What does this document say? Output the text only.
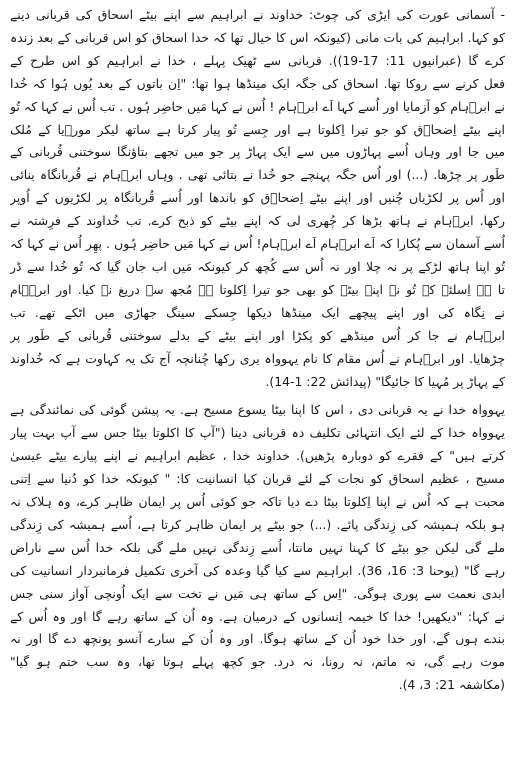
- آسمانی عورت کی ایڑی کی چوٹ: خداوند نے ابراہیم سے اپنے بیٹے اسحاق کی قربانی دینے
کو کہا. ابراہیم کی بات مانی (کیونکہ اس کا خیال تھا کہ خدا اسحاق کو اس قربانی کے بعد زندہ
کرے گا (عبرانیوں 11: 17-19)). قربانی سے ٹھیک پہلے ، خدا نے ابراہیم کو اس طرح کے
فعل کرنے سے روکا تھا. اسحاق کی جگہ ایک مینڈھا ہوا تھا: "اِن باتوں کے بعد یُوں ہُوا کہ خُدا
نے ابرؔہام کو آزمایا اور اُسے کہا اَے ابرؔہام ! اُس نے کہا مَیں حاضِر ہُوں . تب اُس نے کہا کہ تُو
اپنے بیٹے اِضحاؔق کو جو تیرا اِکلوتا ہے اور جِسے تُو پیار کرتا ہے ساتھ لیکر مورؔیا کے مُلک
میں جا اور وہاں اُسے پہاڑوں میں سے ایک پہاڑ پر جو میں تجھے بتاؤنگا سوختنی قُربانی کے
طَور پر چڑھا. (...) اور اُس جگہ پہنچے جو خُدا نے بتائی تھی . وہاں ابرؔہام نے قُربانگاہ بنائی
اور اُس پر لکڑیاں چُنیں اور اپنے بیٹے اِضحاؔق کو باندھا اور اُسے قُربانگاہ پر لکڑیوں کے اُوپر
رکھا. ابرؔہام نے ہاتھ بڑھا کر چُھری لی کہ اپنے بیٹے کو ذبح کرے. تب خُداوند کے فرِشتہ نے
اُسے آسمان سے پُکارا کہ اَے ابرؔہام اَے ابرؔہام! اُس نے کہا مَیں حاضِر ہُوں . پھِر اُس نے کہا کہ
تُو اپنا ہاتھ لڑکے پر نہ چلا اور نہ اُس سے کُچھ کر کیونکہ مَیں اب جان گیا کہ تُو خُدا سے ڈر
تا ہے اِسلئے کہ تُو نے اپنے بیٹے کو بھی جو تیرا اِکلوتا ہے مُجھ سے دریغ نہ کیا. اور ابرؔہام
نے نِگاہ کی اور اپنے پیچھے ایک مینڈھا دیکھا جِسکے سینگ جھاڑی میں اٹکے تھے. تب
ابرؔہام نے جا کر اُس مینڈھے کو پکڑا اور اپنے بیٹے کے بدلے سوختنی قُربانی کے طَور پر
چڑھایا. اور ابرؔہام نے اُس مقام کا نام یہوواہ یری رکھا چُنانچہ آج تک یہ کہاوت ہے کہ خُداوند
کے پہاڑ پر مُہیا کا جائیگا" (پیدائش 22: 1-14).

یہوواہ خدا نے یہ قربانی دی ، اس کا اپنا بیٹا یسوع مسیح ہے. یہ پیشن گوئی کی نمائندگی ہے
یہوواہ خدا کے لئے ایک انتہائی تکلیف دہ قربانی دینا ("آپ کا اکلوتا بیٹا جس سے آپ بہت پیار
کرتے ہیں" کے فقرے کو دوبارہ پڑھیں). خداوند خدا ، عظیم ابراہیم نے اپنے پیارے بیٹے عیسیٰ
مسیح ، عظیم اسحاق کو نجات کے لئے قربان کیا انسانیت کا: " کیونکہ خدا کو دُنیا سے اِتنی
محبت ہے کہ اُس نے اپنا اِکلوتا بیٹا دے دیا تاکہ جو کوئی اُس پر ایمان ظاہر کرے، وہ ہلاک نہ
ہو بلکہ ہمیشہ کی زِندگی پائے. (...) جو بیٹے پر ایمان ظاہر کرتا ہے، اُسے ہمیشہ کی زِندگی
ملے گی لیکن جو بیٹے کا کہنا نہیں مانتا، اُسے زِندگی نہیں ملے گی بلکہ خدا اُس سے ناراض
رہے گا" (یوحنا 3: 16، 36). ابراہیم سے کیا گیا وعدہ کی آخری تکمیل فرمانبردار انسانیت کی
ابدی نعمت سے پوری ہوگی. "اِس کے ساتھ ہی مَیں نے تخت سے ایک اُونچی آواز سنی جس
نے کہا: "دیکھیں! خدا کا خیمہ اِنسانوں کے درمیان ہے. وہ اُن کے ساتھ رہے گا اور وہ اُس کے
بندے ہوں گے. اور خدا خود اُن کے ساتھ ہوگا. اور وہ اُن کے سارے آنسو پونچھ دے گا اور نہ
موت رہے گی، نہ ماتم، نہ رونا، نہ درد. جو کچھ پہلے ہوتا تھا، وہ سب ختم ہو گیا"
(مکاشفہ 21: 3، 4).
